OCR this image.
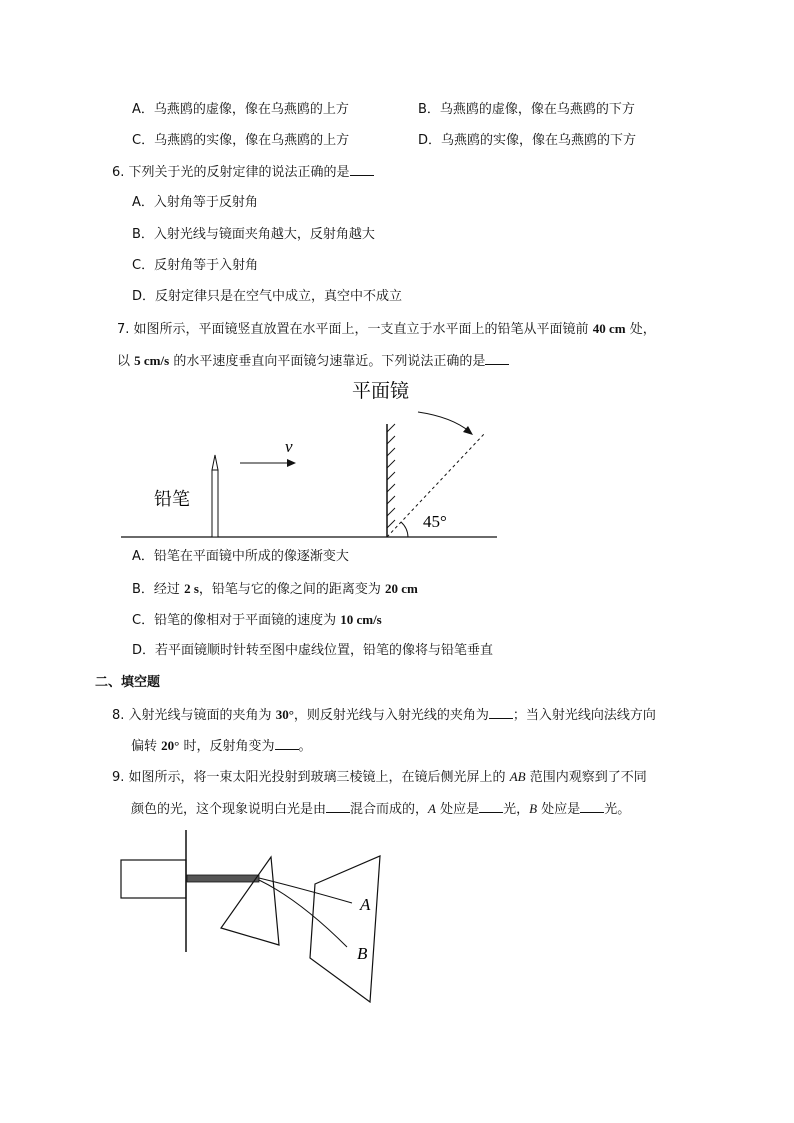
A．乌燕鸥的虚像，像在乌燕鸥的上方	B．乌燕鸥的虚像，像在乌燕鸥的下方
C．乌燕鸥的实像，像在乌燕鸥的上方	D．乌燕鸥的实像，像在乌燕鸥的下方
6. 下列关于光的反射定律的说法正确的是
A．入射角等于反射角
B．入射光线与镜面夹角越大，反射角越大
C．反射角等于入射角
D．反射定律只是在空气中成立，真空中不成立
7. 如图所示，平面镜竖直放置在水平面上，一支直立于水平面上的铅笔从平面镜前 40 cm 处，
以 5 cm/s 的水平速度垂直向平面镜匀速靠近。下列说法正确的是
平面镜
45°
铅笔
v
A．铅笔在平面镜中所成的像逐渐变大
B．经过 2 s，铅笔与它的像之间的距离变为 20 cm
C．铅笔的像相对于平面镜的速度为 10 cm/s
D．若平面镜顺时针转至图中虚线位置，铅笔的像将与铅笔垂直
二、填空题
8. 入射光线与镜面的夹角为 30°，则反射光线与入射光线的夹角为 ；当入射光线向法线方向
偏转 20° 时，反射角变为 。
9. 如图所示，将一束太阳光投射到玻璃三棱镜上，在镜后侧光屏上的 AB 范围内观察到了不同
颜色的光，这个现象说明白光是由 混合而成的，A 处应是 光，B 处应是 光。
A
B
